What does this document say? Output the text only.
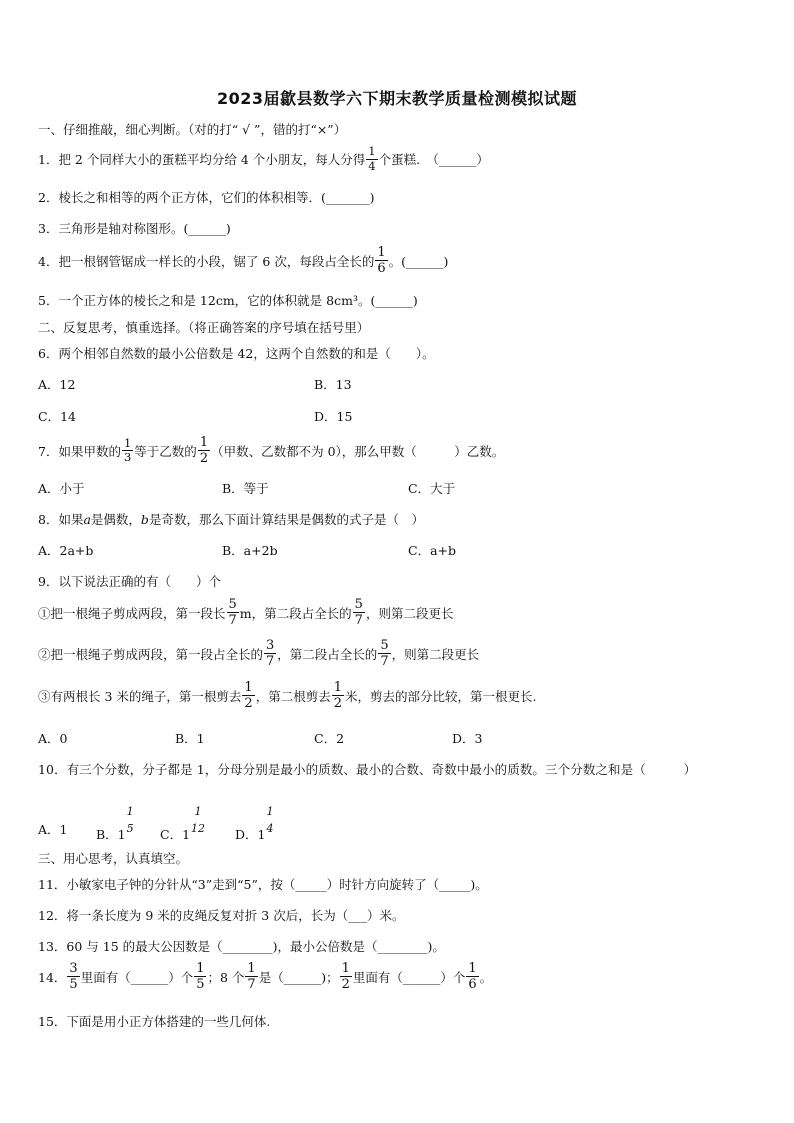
2023届歙县数学六下期末教学质量检测模拟试题
一、仔细推敲，细心判断。（对的打“ √ ”，错的打“×”）
1．把 2 个同样大小的蛋糕平均分给 4 个小朋友，每人分得 $\frac{1}{4}$ 个蛋糕.　（______）
2．棱长之和相等的两个正方体，它们的体积相等．(_______)
3．三角形是轴对称图形。(______)
4．把一根钢管锯成一样长的小段，锯了 6 次，每段占全长的 $\frac{1}{6}$ 。(______)
5．一个正方体的棱长之和是 12cm，它的体积就是 8cm³。(______)
二、反复思考，慎重选择。（将正确答案的序号填在括号里）
6．两个相邻自然数的最小公倍数是 42，这两个自然数的和是（　　）。
A．12	B．13
C．14	D．15
7．如果甲数的 $\frac{1}{3}$ 等于乙数的 $\frac{1}{2}$ （甲数、乙数都不为 0），那么甲数（　　　）乙数。
A．小于	B．等于	C．大于
8．如果 a 是偶数， b 是奇数，那么下面计算结果是偶数的式子是（　）
A．2a+b	B．a+2b	C．a+b
9．以下说法正确的有（　　）个
①把一根绳子剪成两段，第一段长 $\frac{5}{7}$ m，第二段占全长的 $\frac{5}{7}$ ，则第二段更长
②把一根绳子剪成两段，第一段占全长的 $\frac{3}{7}$ ，第二段占全长的 $\frac{5}{7}$ ，则第二段更长
③有两根长 3 米的绳子，第一根剪去 $\frac{1}{2}$ ，第二根剪去 $\frac{1}{2}$ 米，剪去的部分比较，第一根更长.
A．0	B．1	C．2	D．3
10．有三个分数，分子都是 1，分母分别是最小的质数、最小的合数、奇数中最小的质数。三个分数之和是（　　　）
A．1 B．1
1
5 C．1
1
12 D．1
1
4
三、用心思考，认真填空。
11．小敏家电子钟的分针从“3”走到“5”，按（_____）时针方向旋转了（_____)。
12．将一条长度为 9 米的皮绳反复对折 3 次后，长为（___）米。
13．60 与 15 的最大公因数是（________)，最小公倍数是（________)。
14． $\frac{3}{5}$ 里面有（______）个 $\frac{1}{5}$ ；8 个 $\frac{1}{7}$ 是（______)； $\frac{1}{2}$ 里面有（______）个 $\frac{1}{6}$ 。
15．下面是用小正方体搭建的一些几何体.
